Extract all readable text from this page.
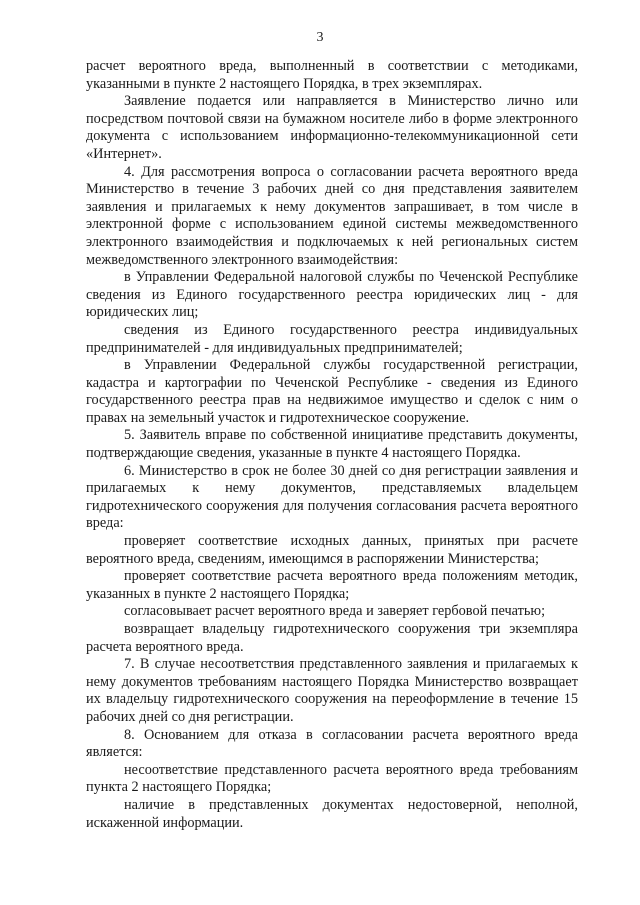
3

расчет вероятного вреда, выполненный в соответствии с методиками, указанными в пункте 2 настоящего Порядка, в трех экземплярах.

Заявление подается или направляется в Министерство лично или посредством почтовой связи на бумажном носителе либо в форме электронного документа с использованием информационно-телекоммуникационной сети «Интернет».

4. Для рассмотрения вопроса о согласовании расчета вероятного вреда Министерство в течение 3 рабочих дней со дня представления заявителем заявления и прилагаемых к нему документов запрашивает, в том числе в электронной форме с использованием единой системы межведомственного электронного взаимодействия и подключаемых к ней региональных систем межведомственного электронного взаимодействия:

в Управлении Федеральной налоговой службы по Чеченской Республике сведения из Единого государственного реестра юридических лиц - для юридических лиц;

сведения из Единого государственного реестра индивидуальных предпринимателей - для индивидуальных предпринимателей;

в Управлении Федеральной службы государственной регистрации, кадастра и картографии по Чеченской Республике - сведения из Единого государственного реестра прав на недвижимое имущество и сделок с ним о правах на земельный участок и гидротехническое сооружение.

5. Заявитель вправе по собственной инициативе представить документы, подтверждающие сведения, указанные в пункте 4 настоящего Порядка.

6. Министерство в срок не более 30 дней со дня регистрации заявления и прилагаемых к нему документов, представляемых владельцем гидротехнического сооружения для получения согласования расчета вероятного вреда:

проверяет соответствие исходных данных, принятых при расчете вероятного вреда, сведениям, имеющимся в распоряжении Министерства;

проверяет соответствие расчета вероятного вреда положениям методик, указанных в пункте 2 настоящего Порядка;

согласовывает расчет вероятного вреда и заверяет гербовой печатью;

возвращает владельцу гидротехнического сооружения три экземпляра расчета вероятного вреда.

7. В случае несоответствия представленного заявления и прилагаемых к нему документов требованиям настоящего Порядка Министерство возвращает их владельцу гидротехнического сооружения на переоформление в течение 15 рабочих дней со дня регистрации.

8. Основанием для отказа в согласовании расчета вероятного вреда является:

несоответствие представленного расчета вероятного вреда требованиям пункта 2 настоящего Порядка;

наличие в представленных документах недостоверной, неполной, искаженной информации.
